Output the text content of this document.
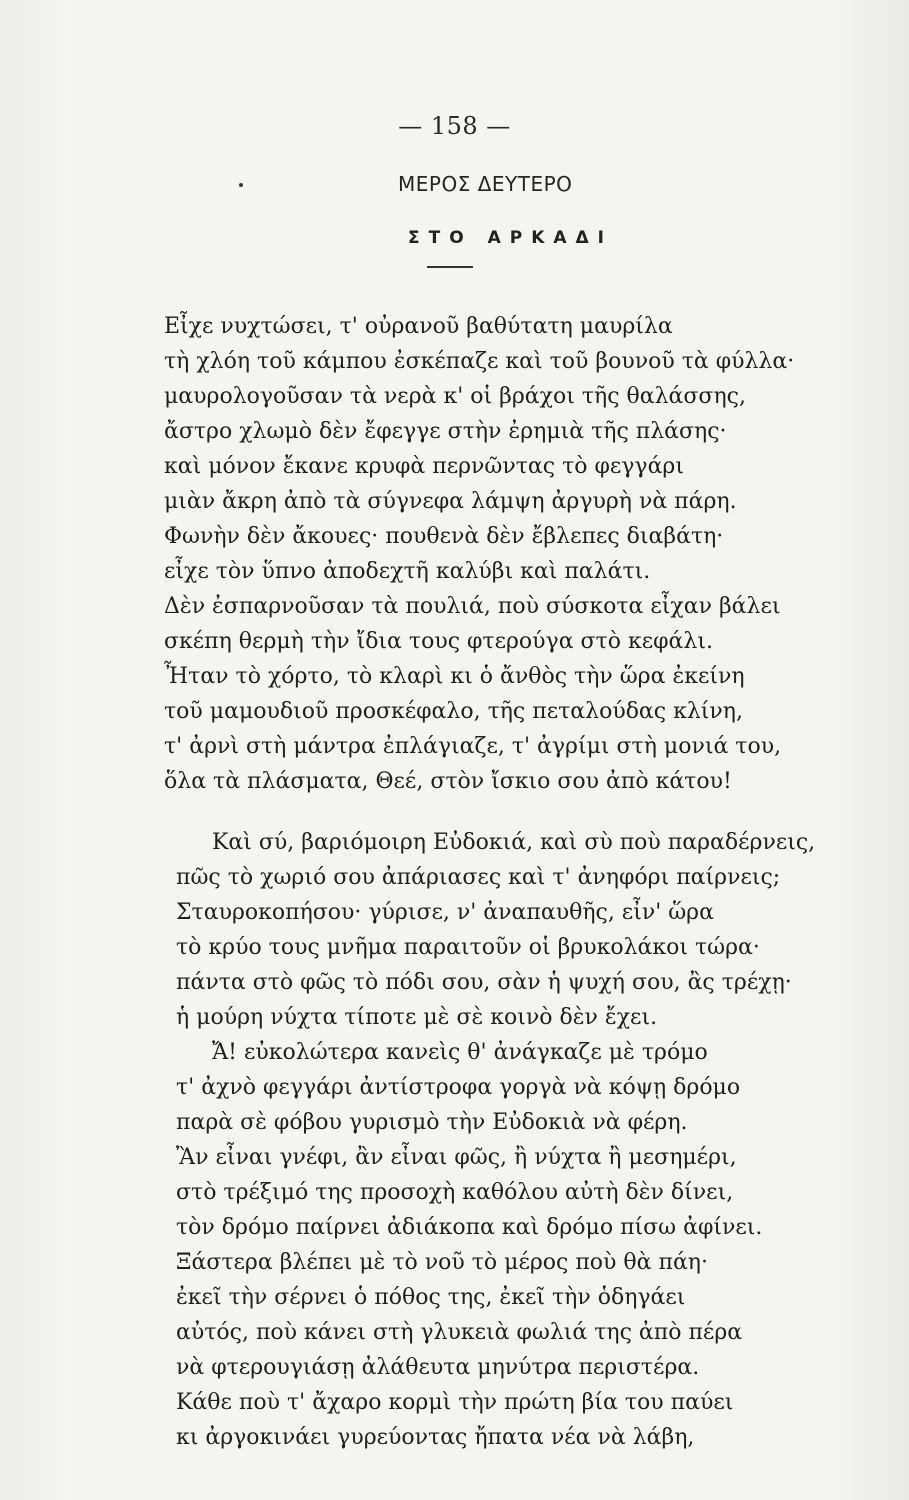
— 158 —
ΜΕΡΟΣ ΔΕΥΤΕΡΟ
ΣΤΟ ΑΡΚΑΔΙ
Εἶχε νυχτώσει, τ' οὐρανοῦ βαθύτατη μαυρίλα
τὴ χλόη τοῦ κάμπου ἐσκέπαζε καὶ τοῦ βουνοῦ τὰ φύλλα·
μαυρολογοῦσαν τὰ νερὰ κ' οἱ βράχοι τῆς θαλάσσης,
ἄστρο χλωμὸ δὲν ἔφεγγε στὴν ἐρημιὰ τῆς πλάσης·
καὶ μόνον ἔκανε κρυφὰ περνῶντας τὸ φεγγάρι
μιὰν ἄκρη ἀπὸ τὰ σύγνεφα λάμψη ἀργυρὴ νὰ πάρη.
Φωνὴν δὲν ἄκουες· πουθενὰ δὲν ἔβλεπες διαβάτη·
εἶχε τὸν ὕπνο ἀποδεχτῆ καλύβι καὶ παλάτι.
Δὲν ἐσπαρνοῦσαν τὰ πουλιά, ποὺ σύσκοτα εἶχαν βάλει
σκέπη θερμὴ τὴν ἴδια τους φτερούγα στὸ κεφάλι.
Ἦταν τὸ χόρτο, τὸ κλαρὶ κι ὁ ἄνθὸς τὴν ὥρα ἐκείνη
τοῦ μαμουδιοῦ προσκέφαλο, τῆς πεταλούδας κλίνη,
τ' ἀρνὶ στὴ μάντρα ἐπλάγιαζε, τ' ἀγρίμι στὴ μονιά του,
ὅλα τὰ πλάσματα, Θεέ, στὸν ἴσκιο σου ἀπὸ κάτου!
Καὶ σύ, βαριόμοιρη Εὐδοκιά, καὶ σὺ ποὺ παραδέρνεις,
πῶς τὸ χωριό σου ἀπάριασες καὶ τ' ἀνηφόρι παίρνεις;
Σταυροκοπήσου· γύρισε, ν' ἀναπαυθῆς, εἶν' ὥρα
τὸ κρύο τους μνῆμα παραιτοῦν οἱ βρυκολάκοι τώρα·
πάντα στὸ φῶς τὸ πόδι σου, σὰν ἡ ψυχή σου, ἂς τρέχῃ·
ἡ μούρη νύχτα τίποτε μὲ σὲ κοινὸ δὲν ἔχει.
Ἄ! εὐκολώτερα κανεὶς θ' ἀνάγκαζε μὲ τρόμο
τ' ἀχνὸ φεγγάρι ἀντίστροφα γοργὰ νὰ κόψῃ δρόμο
παρὰ σὲ φόβου γυρισμὸ τὴν Εὐδοκιὰ νὰ φέρη.
Ἂν εἶναι γνέφι, ἂν εἶναι φῶς, ἢ νύχτα ἢ μεσημέρι,
στὸ τρέξιμό της προσοχὴ καθόλου αὐτὴ δὲν δίνει,
τὸν δρόμο παίρνει ἀδιάκοπα καὶ δρόμο πίσω ἀφίνει.
Ξάστερα βλέπει μὲ τὸ νοῦ τὸ μέρος ποὺ θὰ πάη·
ἐκεῖ τὴν σέρνει ὁ πόθος της, ἐκεῖ τὴν ὁδηγάει
αὐτός, ποὺ κάνει στὴ γλυκειὰ φωλιά της ἀπὸ πέρα
νὰ φτερουγιάσῃ ἀλάθευτα μηνύτρα περιστέρα.
Κάθε ποὺ τ' ἄχαρο κορμὶ τὴν πρώτη βία του παύει
κι ἀργοκινάει γυρεύοντας ἤπατα νέα νὰ λάβη,
